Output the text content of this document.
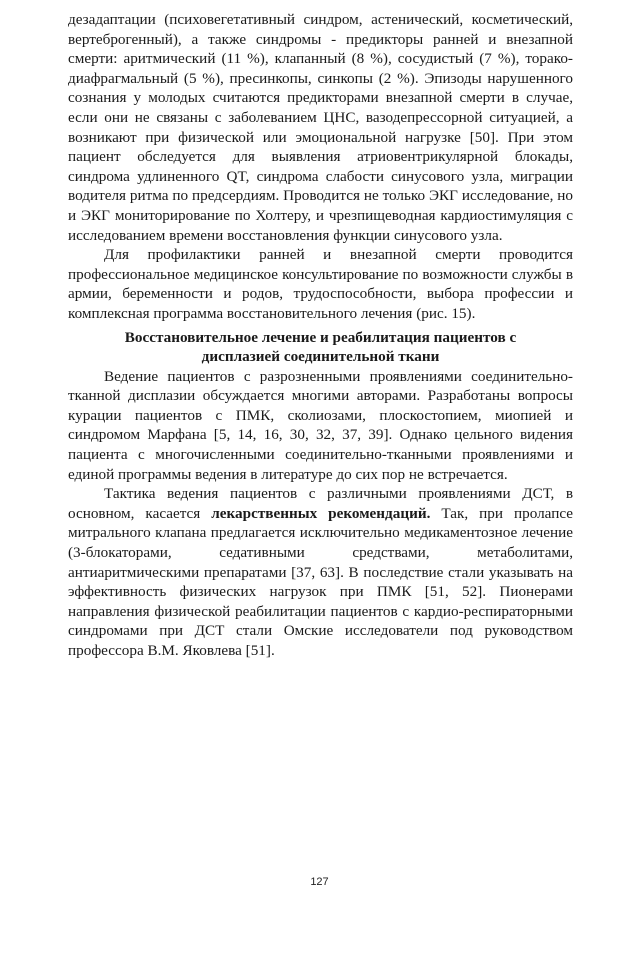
дезадаптации (психовегетативный синдром, астенический, косметический, вертеброгенный), а также синдромы - предикторы ранней и внезапной смерти: аритмический (11 %), клапанный (8 %), сосудистый (7 %), торако-диафрагмальный (5 %), пресинкопы, синкопы (2 %). Эпизоды нарушенного сознания у молодых считаются предикторами внезапной смерти в случае, если они не связаны с заболеванием ЦНС, вазодепрессорной ситуацией, а возникают при физической или эмоциональной нагрузке [50]. При этом пациент обследуется для выявления атриовентрикулярной блокады, синдрома удлиненного QT, синдрома слабости синусового узла, миграции водителя ритма по предсердиям. Проводится не только ЭКГ исследование, но и ЭКГ мониторирование по Холтеру, и чрезпищеводная кардиостимуляция с исследованием времени восстановления функции синусового узла.

Для профилактики ранней и внезапной смерти проводится профессиональное медицинское консультирование по возможности службы в армии, беременности и родов, трудоспособности, выбора профессии и комплексная программа восстановительного лечения (рис. 15).

Восстановительное лечение и реабилитация пациентов с
дисплазией соединительной ткани

Ведение пациентов с разрозненными проявлениями соединительно-тканной дисплазии обсуждается многими авторами. Разработаны вопросы курации пациентов с ПМК, сколиозами, плоскостопием, миопией и синдромом Марфана [5, 14, 16, 30, 32, 37, 39]. Однако цельного видения пациента с многочисленными соединительно-тканными проявлениями и единой программы ведения в литературе до сих пор не встречается.

Тактика ведения пациентов с различными проявлениями ДСТ, в основном, касается лекарственных рекомендаций. Так, при пролапсе митрального клапана предлагается исключительно медикаментозное лечение (3-блокаторами, седативными средствами, метаболитами, антиаритмическими препаратами [37, 63]. В последствие стали указывать на эффективность физических нагрузок при ПМК [51, 52]. Пионерами направления физической реабилитации пациентов с кардио-респираторными синдромами при ДСТ стали Омские исследователи под руководством профессора В.М. Яковлева [51].

127
